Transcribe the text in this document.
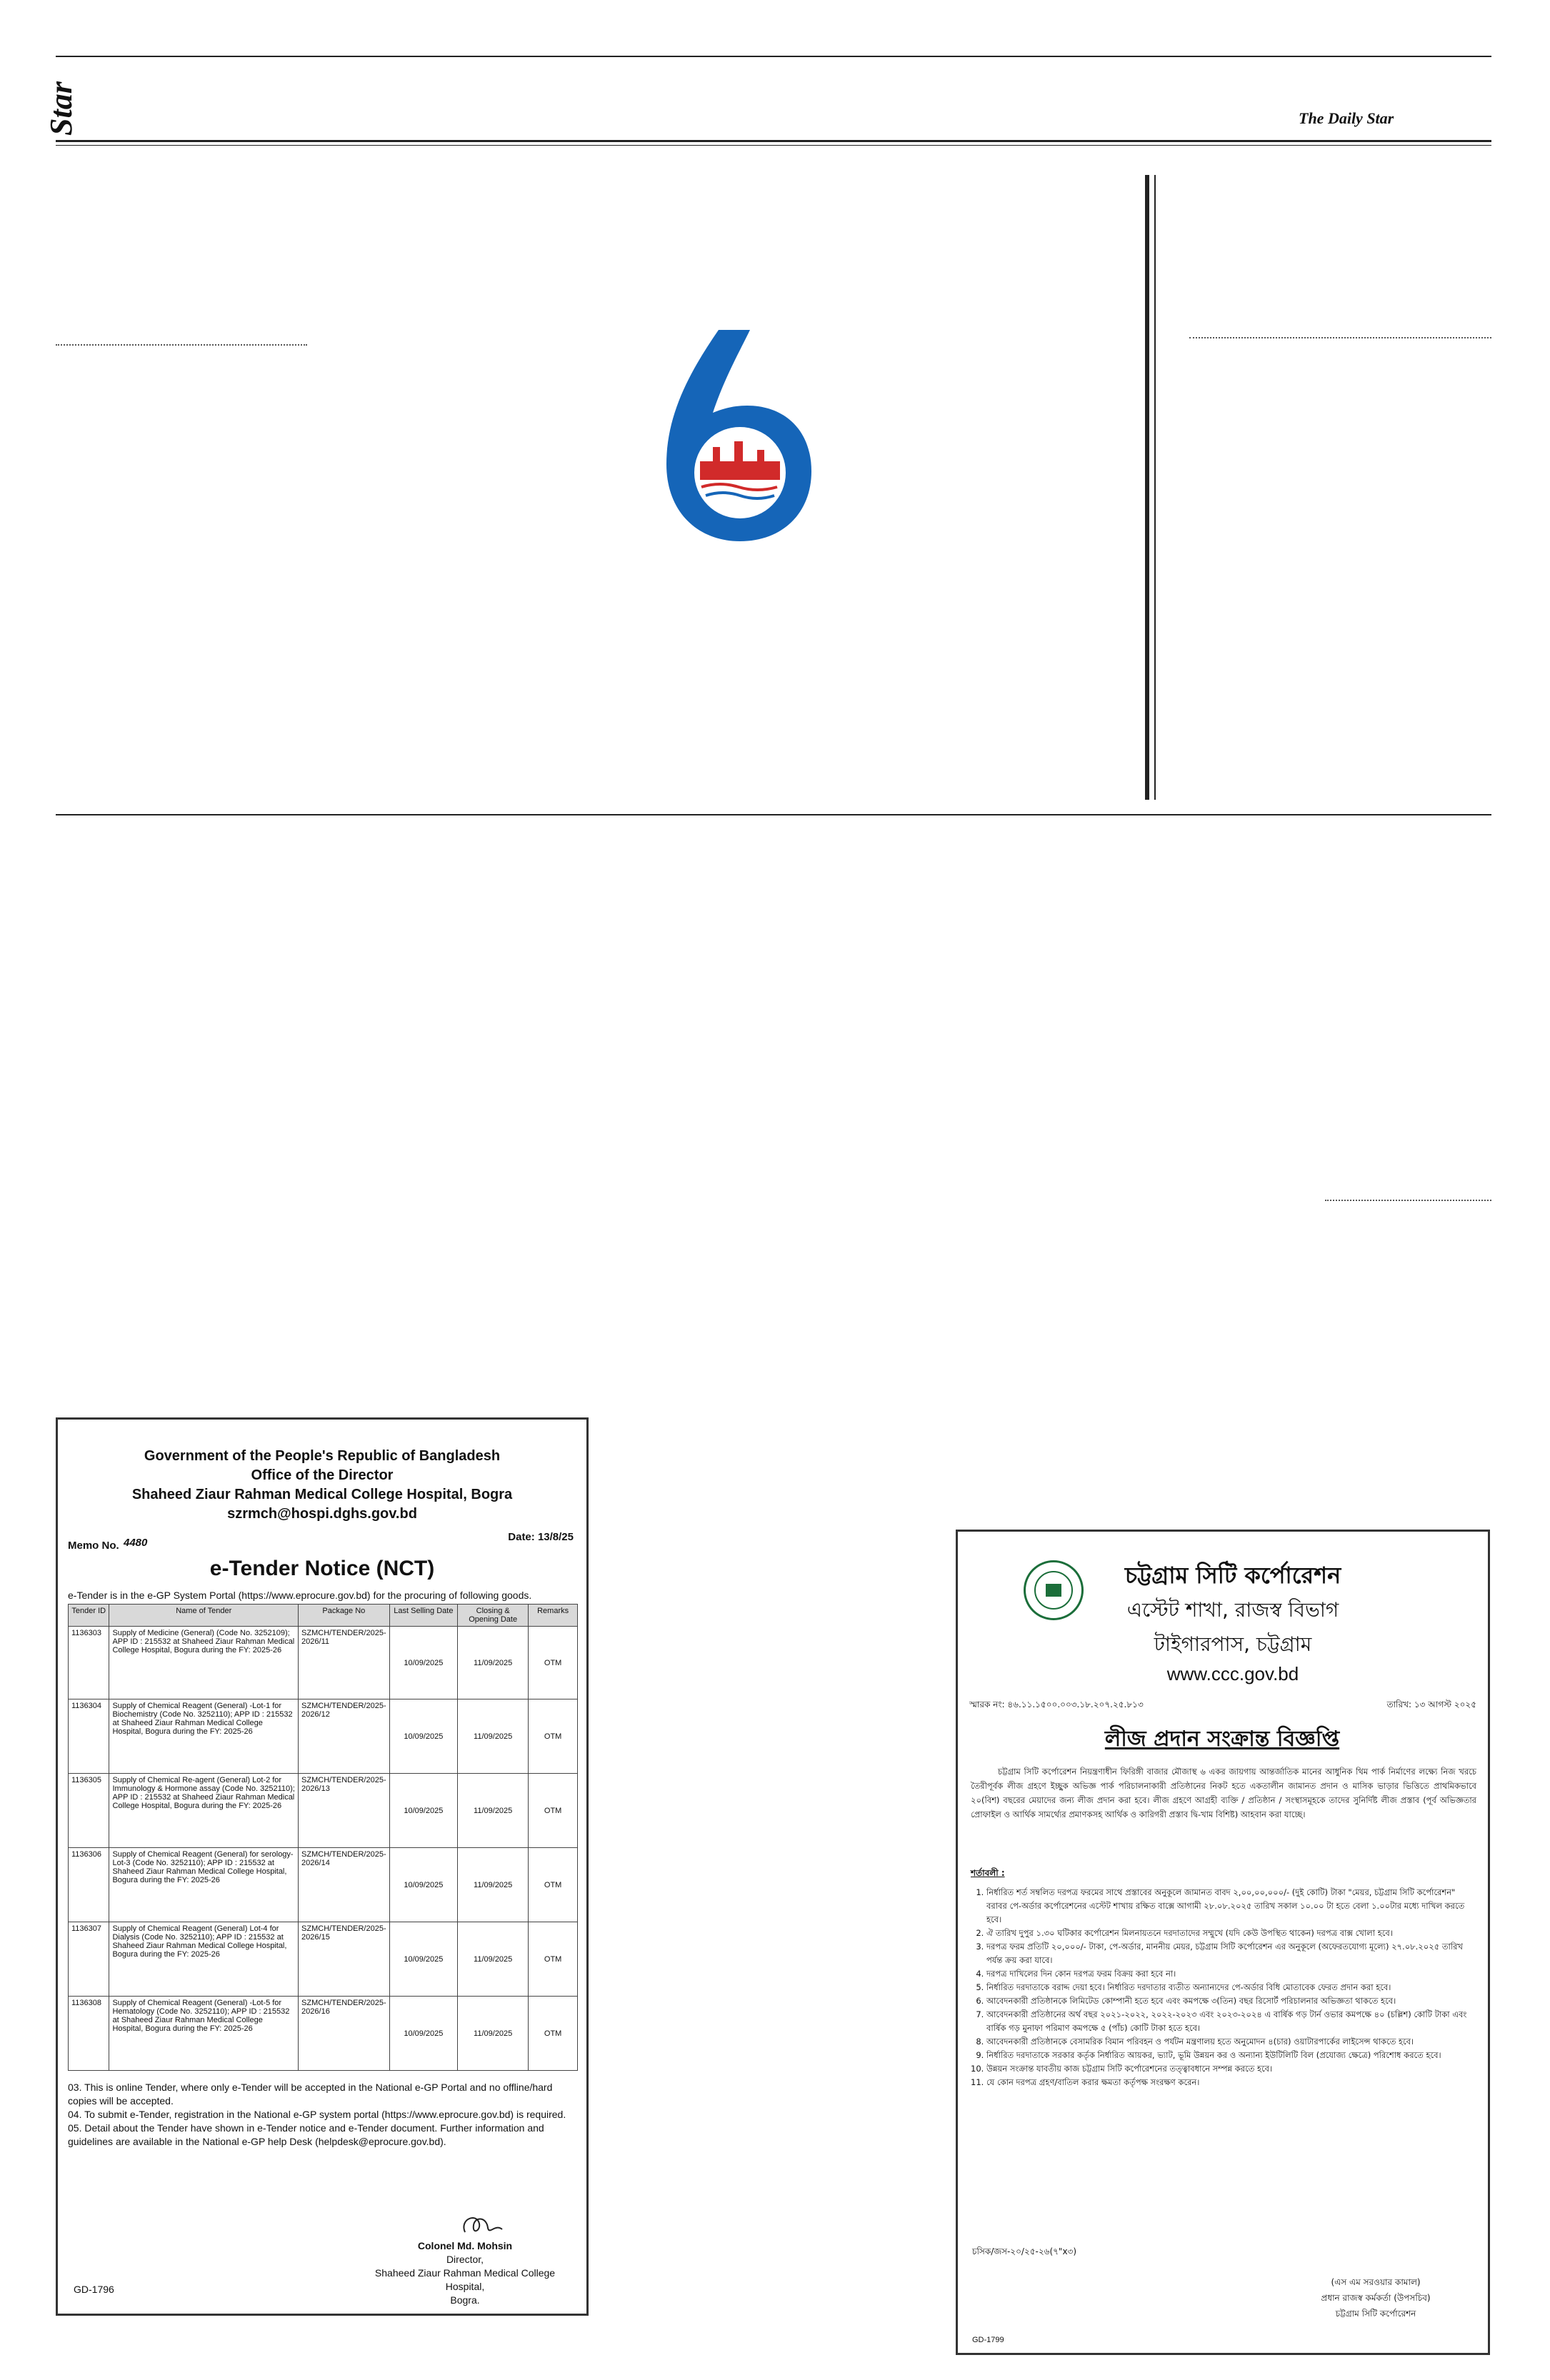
Star	The Daily Star
Government of the People's Republic of Bangladesh
Office of the Director
Shaheed Ziaur Rahman Medical College Hospital, Bogra
szrmch@hospi.dghs.gov.bd
Memo No. 4480	Date: 13/8/25
e-Tender Notice (NCT)
e-Tender is in the e-GP System Portal (https://www.eprocure.gov.bd) for the procuring of following goods.
Tender ID	Name of Tender	Package No	Last Selling Date	Closing & Opening Date	Remarks
1136303	Supply of Medicine (General) (Code No. 3252109); APP ID : 215532 at Shaheed Ziaur Rahman Medical College Hospital, Bogura during the FY: 2025-26	SZMCH/TENDER/2025-2026/11	10/09/2025	11/09/2025	OTM
1136304	Supply of Chemical Reagent (General) -Lot-1 for Biochemistry (Code No. 3252110); APP ID : 215532 at Shaheed Ziaur Rahman Medical College Hospital, Bogura during the FY: 2025-26	SZMCH/TENDER/2025-2026/12	10/09/2025	11/09/2025	OTM
1136305	Supply of Chemical Re-agent (General) Lot-2 for Immunology & Hormone assay (Code No. 3252110); APP ID : 215532 at Shaheed Ziaur Rahman Medical College Hospital, Bogura during the FY: 2025-26	SZMCH/TENDER/2025-2026/13	10/09/2025	11/09/2025	OTM
1136306	Supply of Chemical Reagent (General) for serology-Lot-3 (Code No. 3252110); APP ID : 215532 at Shaheed Ziaur Rahman Medical College Hospital, Bogura during the FY: 2025-26	SZMCH/TENDER/2025-2026/14	10/09/2025	11/09/2025	OTM
1136307	Supply of Chemical Reagent (General) Lot-4 for Dialysis (Code No. 3252110); APP ID : 215532 at Shaheed Ziaur Rahman Medical College Hospital, Bogura during the FY: 2025-26	SZMCH/TENDER/2025-2026/15	10/09/2025	11/09/2025	OTM
1136308	Supply of Chemical Reagent (General) -Lot-5 for Hematology (Code No. 3252110); APP ID : 215532 at Shaheed Ziaur Rahman Medical College Hospital, Bogura during the FY: 2025-26	SZMCH/TENDER/2025-2026/16	10/09/2025	11/09/2025	OTM
03. This is online Tender, where only e-Tender will be accepted in the National e-GP Portal and no offline/hard copies will be accepted.
04. To submit e-Tender, registration in the National e-GP system portal (https://www.eprocure.gov.bd) is required.
05. Detail about the Tender have shown in e-Tender notice and e-Tender document. Further information and guidelines are available in the National e-GP help Desk (helpdesk@eprocure.gov.bd).
Colonel Md. Mohsin
Director,
Shaheed Ziaur Rahman Medical College Hospital,
Bogra.
GD-1796
চট্টগ্রাম সিটি কর্পোরেশন
এস্টেট শাখা, রাজস্ব বিভাগ
টাইগারপাস, চট্টগ্রাম
www.ccc.gov.bd
স্মারক নং: ৪৬.১১.১৫০০.০০৩.১৮.২০৭.২৫.৮১৩	তারিখ: ১৩ আগস্ট ২০২৫
লীজ প্রদান সংক্রান্ত বিজ্ঞপ্তি
চট্টগ্রাম সিটি কর্পোরেশন নিয়ন্ত্রণাধীন ফিরিঙ্গী বাজার মৌজাস্থ ৬ একর জায়গায় আন্তর্জাতিক মানের আধুনিক থিম পার্ক নির্মাণের লক্ষ্যে নিজ খরচে তৈরীপূর্বক লীজ গ্রহণে ইচ্ছুক অভিজ্ঞ পার্ক পরিচালনাকারী প্রতিষ্ঠানের নিকট হতে একতালীন জামানত প্রদান ও মাসিক ভাড়ার ভিত্তিতে প্রাথমিকভাবে ২০(বিশ) বছরের মেয়াদের জন্য লীজ প্রদান করা হবে। লীজ গ্রহণে আগ্রহী ব্যক্তি / প্রতিষ্ঠান / সংস্থাসমূহকে তাদের সুনির্দিষ্ট লীজ প্রস্তাব (পূর্ব অভিজ্ঞতার প্রোফাইল ও আর্থিক সামর্থ্যের প্রমাণকসহ আর্থিক ও কারিগরী প্রস্তাব দ্বি-খাম বিশিষ্ট) আহবান করা যাচ্ছে।
শর্তাবলী :
1. নির্ধারিত শর্ত সম্বলিত দরপত্র ফরমের সাথে প্রস্তাবের অনুকূলে জামানত বাবদ ২,০০,০০,০০০/- (দুই কোটি) টাকা "মেয়র, চট্টগ্রাম সিটি কর্পোরেশন" বরাবর পে-অর্ডার কর্পোরেশনের এস্টেট শাখায় রক্ষিত বাক্সে আগামী ২৮.০৮.২০২৫ তারিখ সকাল ১০.০০ টা হতে বেলা ১.০০টার মধ্যে দাখিল করতে হবে।
2. ঐ তারিখ দুপুর ১.৩০ ঘটিকার কর্পোরেশন মিলনায়তনে দরদাতাদের সম্মুখে (যদি কেউ উপস্থিত থাকেন) দরপত্র বাক্স খোলা হবে।
3. দরপত্র ফরম প্রতিটি ২০,০০০/- টাকা, পে-অর্ডার, মাননীয় মেয়র, চট্টগ্রাম সিটি কর্পোরেশন এর অনুকূলে (অফেরতযোগ্য মূল্যে) ২৭.০৮.২০২৫ তারিখ পর্যন্ত ক্রয় করা যাবে।
4. দরপত্র দাখিলের দিন কোন দরপত্র ফরম বিক্রয় করা হবে না।
5. নির্ধারিত দরদাতাকে বরাদ্দ দেয়া হবে। নির্ধারিত দরদাতার ব্যতীত অন্যান্যদের পে-অর্ডার বিধি মোতাবেক ফেরত প্রদান করা হবে।
6. আবেদনকারী প্রতিষ্ঠানকে লিমিটেড কোম্পানী হতে হবে এবং কমপক্ষে ৩(তিন) বছর রিসোর্ট পরিচালনার অভিজ্ঞতা থাকতে হবে।
7. আবেদনকারী প্রতিষ্ঠানের অর্থ বছর ২০২১-২০২২, ২০২২-২০২৩ এবং ২০২৩-২০২৪ এ বার্ষিক গড় টার্ন ওভার কমপক্ষে ৪০ (চল্লিশ) কোটি টাকা এবং বার্ষিক গড় মুনাফা পরিমাণ কমপক্ষে ৫ (পাঁচ) কোটি টাকা হতে হবে।
8. আবেদনকারী প্রতিষ্ঠানকে বেসামরিক বিমান পরিবহন ও পর্যটন মন্ত্রণালয় হতে অনুমোদন ৪(চার) ওয়াটারপার্কের লাইসেন্স থাকতে হবে।
9. নির্ধারিত দরদাতাকে সরকার কর্তৃক নির্ধারিত আয়কর, ভ্যাট, ভূমি উন্নয়ন কর ও অন্যান্য ইউটিলিটি বিল (প্রযোজ্য ক্ষেত্রে) পরিশোধ করতে হবে।
10. উন্নয়ন সংক্রান্ত যাবতীয় কাজ চট্টগ্রাম সিটি কর্পোরেশনের তত্ত্বাবধানে সম্পন্ন করতে হবে।
11. যে কোন দরপত্র গ্রহণ/বাতিল করার ক্ষমতা কর্তৃপক্ষ সংরক্ষণ করেন।
চসিক/জস-২০/২৫-২৬(৭"x৩)
(এস এম সরওয়ার কামাল)
প্রধান রাজস্ব কর্মকর্তা (উপসচিব)
চট্টগ্রাম সিটি কর্পোরেশন
GD-1799
